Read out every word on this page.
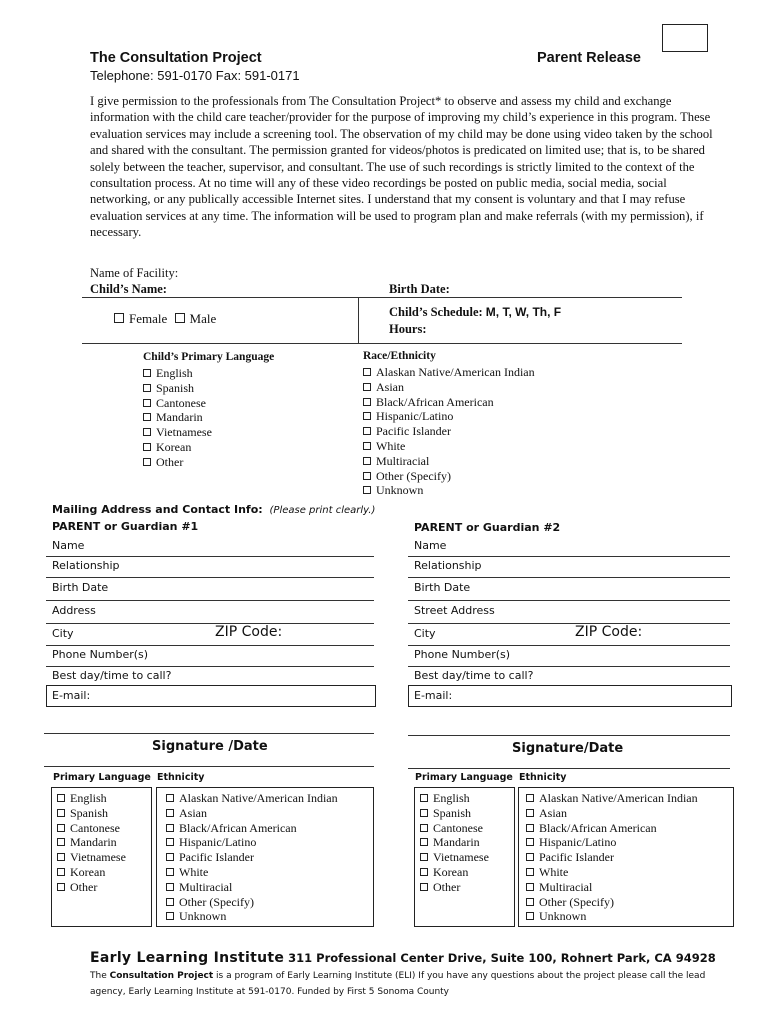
The Consultation Project	Parent Release
Telephone: 591-0170 Fax: 591-0171
I give permission to the professionals from The Consultation Project* to observe and assess my child and exchange information with the child care teacher/provider for the purpose of improving my child’s experience in this program. These evaluation services may include a screening tool. The observation of my child may be done using video taken by the school and shared with the consultant. The permission granted for videos/photos is predicated on limited use; that is, to be shared solely between the teacher, supervisor, and consultant. The use of such recordings is strictly limited to the context of the consultation process. At no time will any of these video recordings be posted on public media, social media, social networking, or any publically accessible Internet sites. I understand that my consent is voluntary and that I may refuse evaluation services at any time. The information will be used to program plan and make referrals (with my permission), if necessary.
Name of Facility:
Child’s Name:	Birth Date:
Female Male	Child’s Schedule: M, T, W, Th, F
Hours:
Child’s Primary Language
English
Spanish
Cantonese
Mandarin
Vietnamese
Korean
Other
Race/Ethnicity
Alaskan Native/American Indian
Asian
Black/African American
Hispanic/Latino
Pacific Islander
White
Multiracial
Other (Specify)
Unknown
Mailing Address and Contact Info: (Please print clearly.)
PARENT or Guardian #1	PARENT or Guardian #2
Name
Relationship
Birth Date
Address
City	ZIP Code:
Phone Number(s)
Best day/time to call?
E-mail:
Name
Relationship
Birth Date
Street Address
City	ZIP Code:
Phone Number(s)
Best day/time to call?
E-mail:
Signature /Date	Signature/Date
Primary Language Ethnicity	Primary Language Ethnicity
English
Spanish
Cantonese
Mandarin
Vietnamese
Korean
Other
Alaskan Native/American Indian
Asian
Black/African American
Hispanic/Latino
Pacific Islander
White
Multiracial
Other (Specify)
Unknown
English
Spanish
Cantonese
Mandarin
Vietnamese
Korean
Other
Alaskan Native/American Indian
Asian
Black/African American
Hispanic/Latino
Pacific Islander
White
Multiracial
Other (Specify)
Unknown
Early Learning Institute 311 Professional Center Drive, Suite 100, Rohnert Park, CA 94928
The Consultation Project is a program of Early Learning Institute (ELI) If you have any questions about the project please call the lead
agency, Early Learning Institute at 591-0170. Funded by First 5 Sonoma County
